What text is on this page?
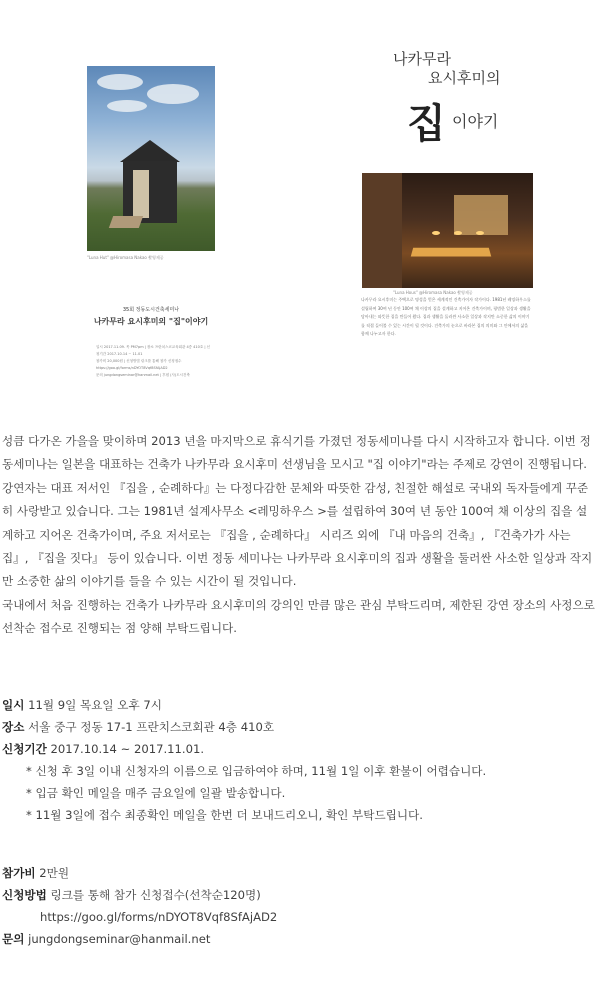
"Luna Hut" @Hiromasa Nakao 촬영제공
35회 정동도시건축세미나
나카무라 요시후미의 "집"이야기
일시 2017.11.09. 목 PM7pm | 장소 프란치스코교육회관 4층 410호 | 신청기간 2017.10.14 ~ 11.01
참가비 20,000원 | 신청방법 링크를 통해 참가 신청접수 https://goo.gl/forms/nDYOT8Vqf8SfAjAD2
문의 jungdongseminar@hanmail.net | 후원 (사)도시건축
나카무라
요시후미의
집 이야기
"Luna Hous" @Hiromasa Nakao 촬영제공
나카무라 요시후미는 주택으로 명성을 얻은 세계적인 건축가이자 작가이다. 1981년 레밍하우스를 설립하여 30여 년 동안 100여 채 이상의 집을 설계하고 지어온 건축가이며, 평범한 일상과 생활을 담아내는 따뜻한 집을 만들어 왔다. 집과 생활을 둘러싼 사소한 일상과 작지만 소중한 삶의 이야기를 직접 들어볼 수 있는 시간이 될 것이다. 건축가의 눈으로 바라본 집의 의미와 그 안에서의 삶을 함께 나누고자 한다.

성큼 다가온 가을을 맞이하며 2013 년을 마지막으로 휴식기를 가졌던 정동세미나를 다시 시작하고자 합니다. 이번 정동세미나는 일본을 대표하는 건축가 나카무라 요시후미 선생님을 모시고 "집 이야기"라는 주제로 강연이 진행됩니다.

강연자는 대표 저서인 『집을 , 순례하다』는 다정다감한 문체와 따뜻한 감성, 친절한 해설로 국내외 독자들에게 꾸준히 사랑받고 있습니다. 그는 1981년 설계사무소 <레밍하우스 >를 설립하여 30여 년 동안 100여 채 이상의 집을 설계하고 지어온 건축가이며, 주요 저서로는 『집을 , 순례하다』 시리즈 외에 『내 마음의 건축』, 『건축가가 사는 집』, 『집을 짓다』 등이 있습니다. 이번 정동 세미나는 나카무라 요시후미의 집과 생활을 둘러싼 사소한 일상과 작지만 소중한 삶의 이야기를 들을 수 있는 시간이 될 것입니다.

국내에서 처음 진행하는 건축가 나카무라 요시후미의 강의인 만큼 많은 관심 부탁드리며, 제한된 강연 장소의 사정으로 선착순 접수로 진행되는 점 양해 부탁드립니다.

일시 11월 9일 목요일 오후 7시
장소 서울 중구 정동 17-1 프란치스코회관 4층 410호
신청기간 2017.10.14 ~ 2017.11.01.
* 신청 후 3일 이내 신청자의 이름으로 입금하여야 하며, 11월 1일 이후 환불이 어렵습니다.
* 입금 확인 메일을 매주 금요일에 일괄 발송합니다.
* 11월 3일에 접수 최종확인 메일을 한번 더 보내드리오니, 확인 부탁드립니다.
참가비 2만원
신청방법 링크를 통해 참가 신청접수(선착순120명)
https://goo.gl/forms/nDYOT8Vqf8SfAjAD2
문의 jungdongseminar@hanmail.net
